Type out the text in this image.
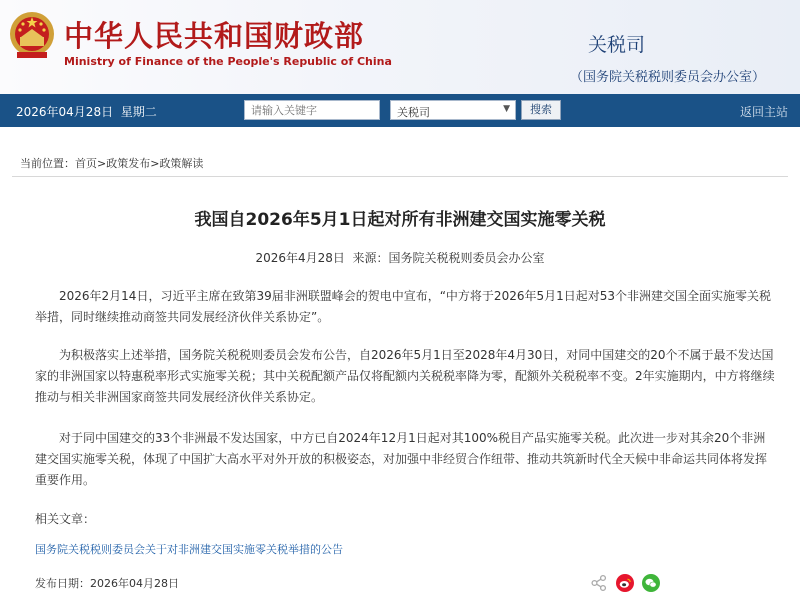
中华人民共和国财政部
Ministry of Finance of the People's Republic of China
关税司
（国务院关税税则委员会办公室）
2026年04月28日 星期二
请输入关键字	关税司	▼	搜索	返回主站
当前位置：首页>政策发布>政策解读
我国自2026年5月1日起对所有非洲建交国实施零关税
2026年4月28日 来源：国务院关税税则委员会办公室

2026年2月14日，习近平主席在致第39届非洲联盟峰会的贺电中宣布，“中方将于2026年5月1日起对53个非洲建交国全面实施零关税举措，同时继续推动商签共同发展经济伙伴关系协定”。

为积极落实上述举措，国务院关税税则委员会发布公告，自2026年5月1日至2028年4月30日，对同中国建交的20个不属于最不发达国家的非洲国家以特惠税率形式实施零关税；其中关税配额产品仅将配额内关税税率降为零，配额外关税税率不变。2年实施期内，中方将继续推动与相关非洲国家商签共同发展经济伙伴关系协定。

对于同中国建交的33个非洲最不发达国家，中方已自2024年12月1日起对其100%税目产品实施零关税。此次进一步对其余20个非洲建交国实施零关税，体现了中国扩大高水平对外开放的积极姿态，对加强中非经贸合作纽带、推动共筑新时代全天候中非命运共同体将发挥重要作用。

相关文章：
国务院关税税则委员会关于对非洲建交国实施零关税举措的公告
发布日期：2026年04月28日
